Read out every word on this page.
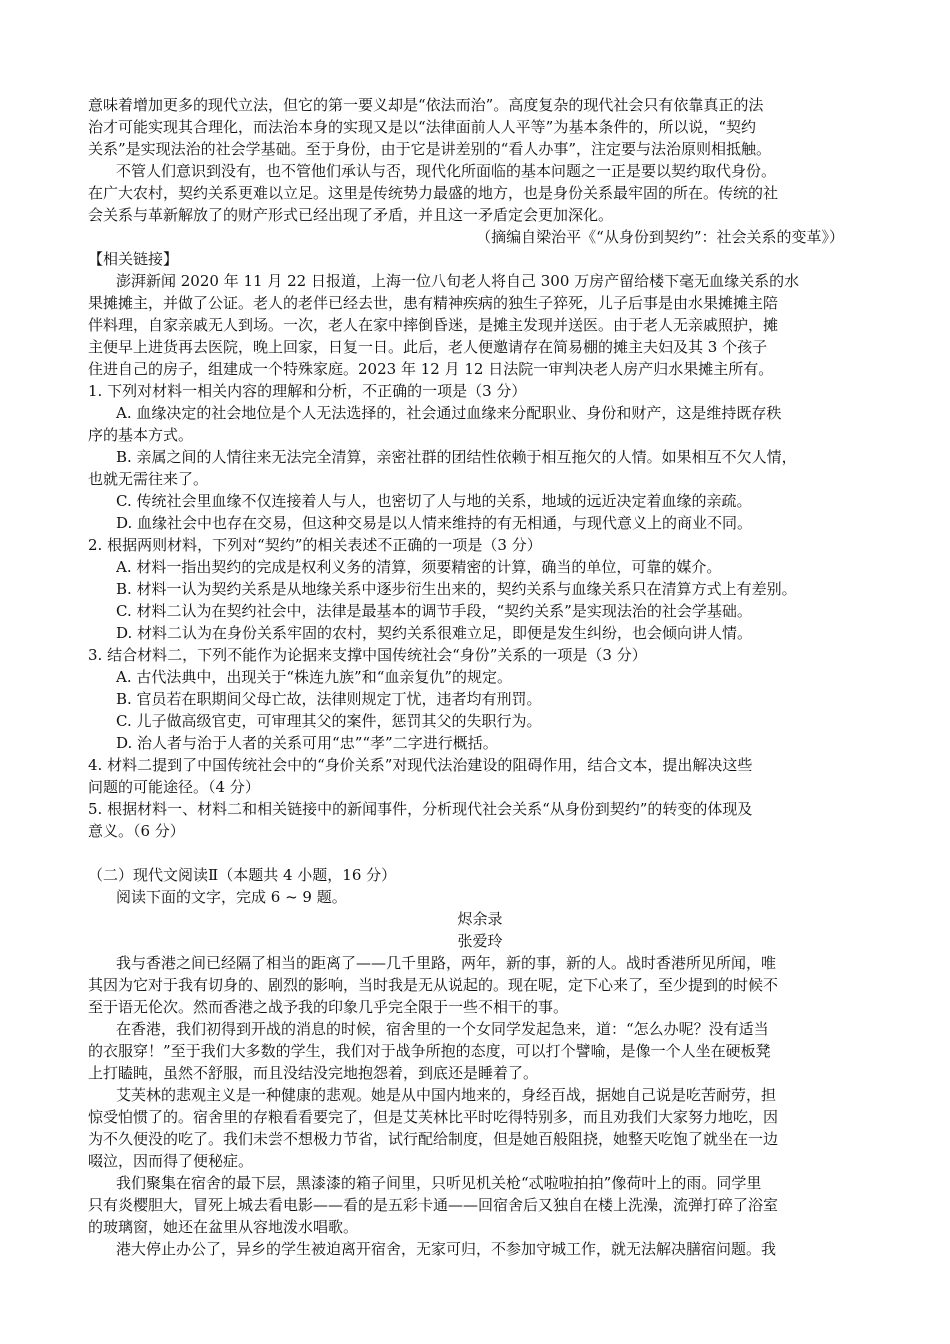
意味着增加更多的现代立法，但它的第一要义却是“依法而治”。高度复杂的现代社会只有依靠真正的法

治才可能实现其合理化，而法治本身的实现又是以“法律面前人人平等”为基本条件的，所以说，“契约

关系”是实现法治的社会学基础。至于身份，由于它是讲差别的“看人办事”，注定要与法治原则相抵触。

不管人们意识到没有，也不管他们承认与否，现代化所面临的基本问题之一正是要以契约取代身份。

在广大农村，契约关系更难以立足。这里是传统势力最盛的地方，也是身份关系最牢固的所在。传统的社

会关系与革新解放了的财产形式已经出现了矛盾，并且这一矛盾定会更加深化。

（摘编自梁治平《“从身份到契约”：社会关系的变革》）

【相关链接】

澎湃新闻 2020 年 11 月 22 日报道，上海一位八旬老人将自己 300 万房产留给楼下毫无血缘关系的水

果摊摊主，并做了公证。老人的老伴已经去世，患有精神疾病的独生子猝死，儿子后事是由水果摊摊主陪

伴料理，自家亲戚无人到场。一次，老人在家中摔倒昏迷，是摊主发现并送医。由于老人无亲戚照护，摊

主便早上进货再去医院，晚上回家，日复一日。此后，老人便邀请存在简易棚的摊主夫妇及其 3 个孩子

住进自己的房子，组建成一个特殊家庭。2023 年 12 月 12 日法院一审判决老人房产归水果摊主所有。

1. 下列对材料一相关内容的理解和分析，不正确的一项是（3 分）

A. 血缘决定的社会地位是个人无法选择的，社会通过血缘来分配职业、身份和财产，这是维持既存秩

序的基本方式。

B. 亲属之间的人情往来无法完全清算，亲密社群的团结性依赖于相互拖欠的人情。如果相互不欠人情，

也就无需往来了。

C. 传统社会里血缘不仅连接着人与人，也密切了人与地的关系，地域的远近决定着血缘的亲疏。

D. 血缘社会中也存在交易，但这种交易是以人情来维持的有无相通，与现代意义上的商业不同。

2. 根据两则材料，下列对“契约”的相关表述不正确的一项是（3 分）

A. 材料一指出契约的完成是权利义务的清算，须要精密的计算，确当的单位，可靠的媒介。

B. 材料一认为契约关系是从地缘关系中逐步衍生出来的，契约关系与血缘关系只在清算方式上有差别。

C. 材料二认为在契约社会中，法律是最基本的调节手段，“契约关系”是实现法治的社会学基础。

D. 材料二认为在身份关系牢固的农村，契约关系很难立足，即便是发生纠纷，也会倾向讲人情。

3. 结合材料二，下列不能作为论据来支撑中国传统社会“身份”关系的一项是（3 分）

A. 古代法典中，出现关于“株连九族”和“血亲复仇”的规定。

B. 官员若在职期间父母亡故，法律则规定丁忧，违者均有刑罚。

C. 儿子做高级官吏，可审理其父的案件，惩罚其父的失职行为。

D. 治人者与治于人者的关系可用“忠”“孝”二字进行概括。

4. 材料二提到了中国传统社会中的“身价关系”对现代法治建设的阻碍作用，结合文本，提出解决这些

问题的可能途径。（4 分）

5. 根据材料一、材料二和相关链接中的新闻事件，分析现代社会关系“从身份到契约”的转变的体现及

意义。（6 分）

（二）现代文阅读Ⅱ（本题共 4 小题，16 分）

阅读下面的文字，完成 6 ~ 9 题。

烬余录

张爱玲

我与香港之间已经隔了相当的距离了——几千里路，两年，新的事，新的人。战时香港所见所闻，唯

其因为它对于我有切身的、剧烈的影响，当时我是无从说起的。现在呢，定下心来了，至少提到的时候不

至于语无伦次。然而香港之战予我的印象几乎完全限于一些不相干的事。

在香港，我们初得到开战的消息的时候，宿舍里的一个女同学发起急来，道：“怎么办呢？没有适当

的衣服穿！”至于我们大多数的学生，我们对于战争所抱的态度，可以打个譬喻，是像一个人坐在硬板凳

上打瞌盹，虽然不舒服，而且没结没完地抱怨着，到底还是睡着了。

艾芙林的悲观主义是一种健康的悲观。她是从中国内地来的，身经百战，据她自己说是吃苦耐劳，担

惊受怕惯了的。宿舍里的存粮看看要完了，但是艾芙林比平时吃得特别多，而且劝我们大家努力地吃，因

为不久便没的吃了。我们未尝不想极力节省，试行配给制度，但是她百般阻挠，她整天吃饱了就坐在一边

啜泣，因而得了便秘症。

我们聚集在宿舍的最下层，黑漆漆的箱子间里，只听见机关枪“忒啦啦拍拍”像荷叶上的雨。同学里

只有炎樱胆大，冒死上城去看电影——看的是五彩卡通——回宿舍后又独自在楼上洗澡，流弹打碎了浴室

的玻璃窗，她还在盆里从容地泼水唱歌。

港大停止办公了，异乡的学生被迫离开宿舍，无家可归，不参加守城工作，就无法解决膳宿问题。我
